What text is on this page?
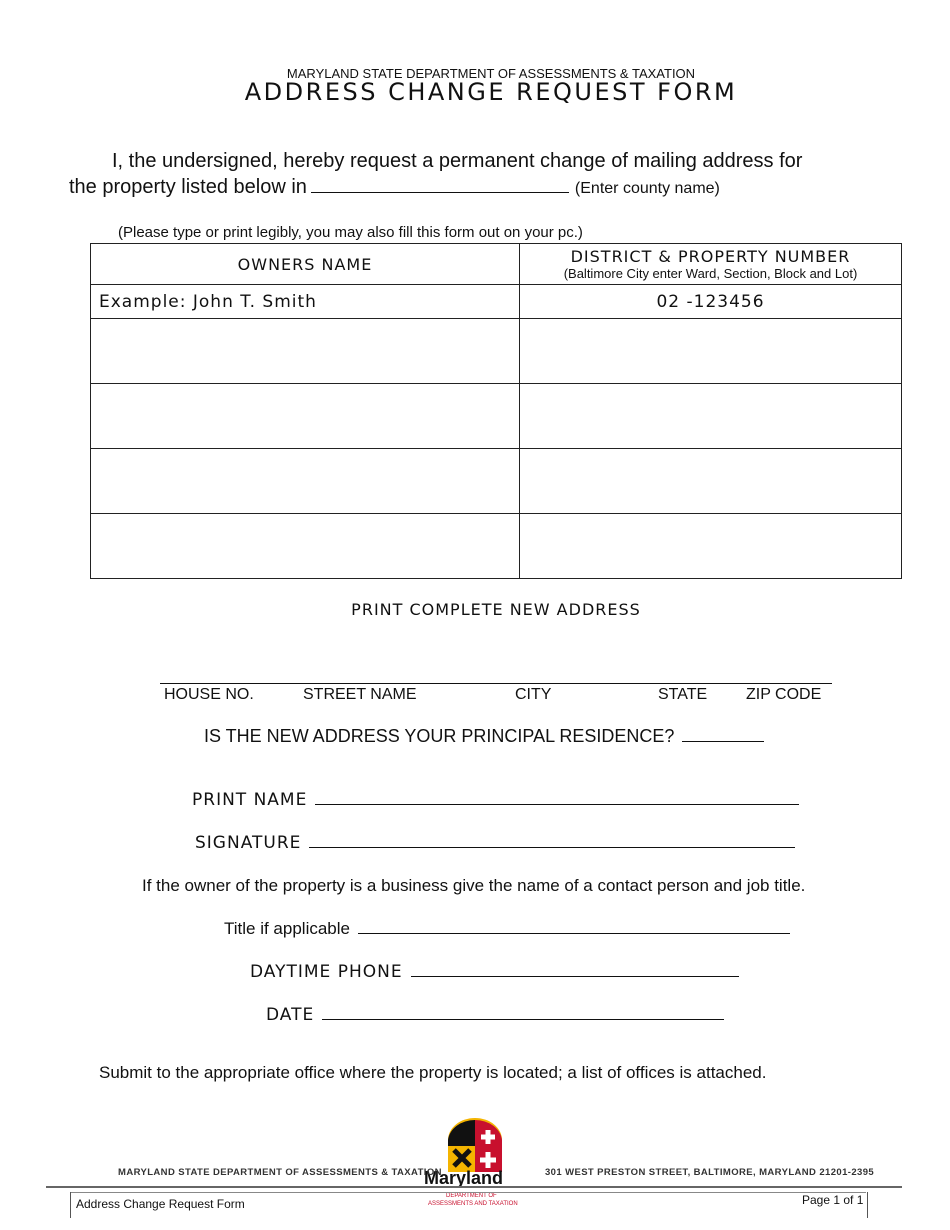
MARYLAND STATE DEPARTMENT OF ASSESSMENTS & TAXATION
ADDRESS CHANGE REQUEST FORM
I, the undersigned, hereby request a permanent change of mailing address for
the property listed below in	(Enter county name)
(Please type or print legibly, you may also fill this form out on your pc.)
OWNERS NAME	DISTRICT & PROPERTY NUMBER
(Baltimore City enter Ward, Section, Block and Lot)

Example: John T. Smith	02 -123456

PRINT COMPLETE NEW ADDRESS
HOUSE NO.	STREET NAME	CITY	STATE ZIP CODE
IS THE NEW ADDRESS YOUR PRINCIPAL RESIDENCE?
PRINT NAME
SIGNATURE
If the owner of the property is a business give the name of a contact person and job title.
Title if applicable
DAYTIME PHONE
DATE
Submit to the appropriate office where the property is located; a list of offices is attached.
Maryland
DEPARTMENT OF
ASSESSMENTS AND TAXATION
MARYLAND STATE DEPARTMENT OF ASSESSMENTS & TAXATION	301 WEST PRESTON STREET, BALTIMORE, MARYLAND 21201-2395
Address Change Request Form	Page 1 of 1
